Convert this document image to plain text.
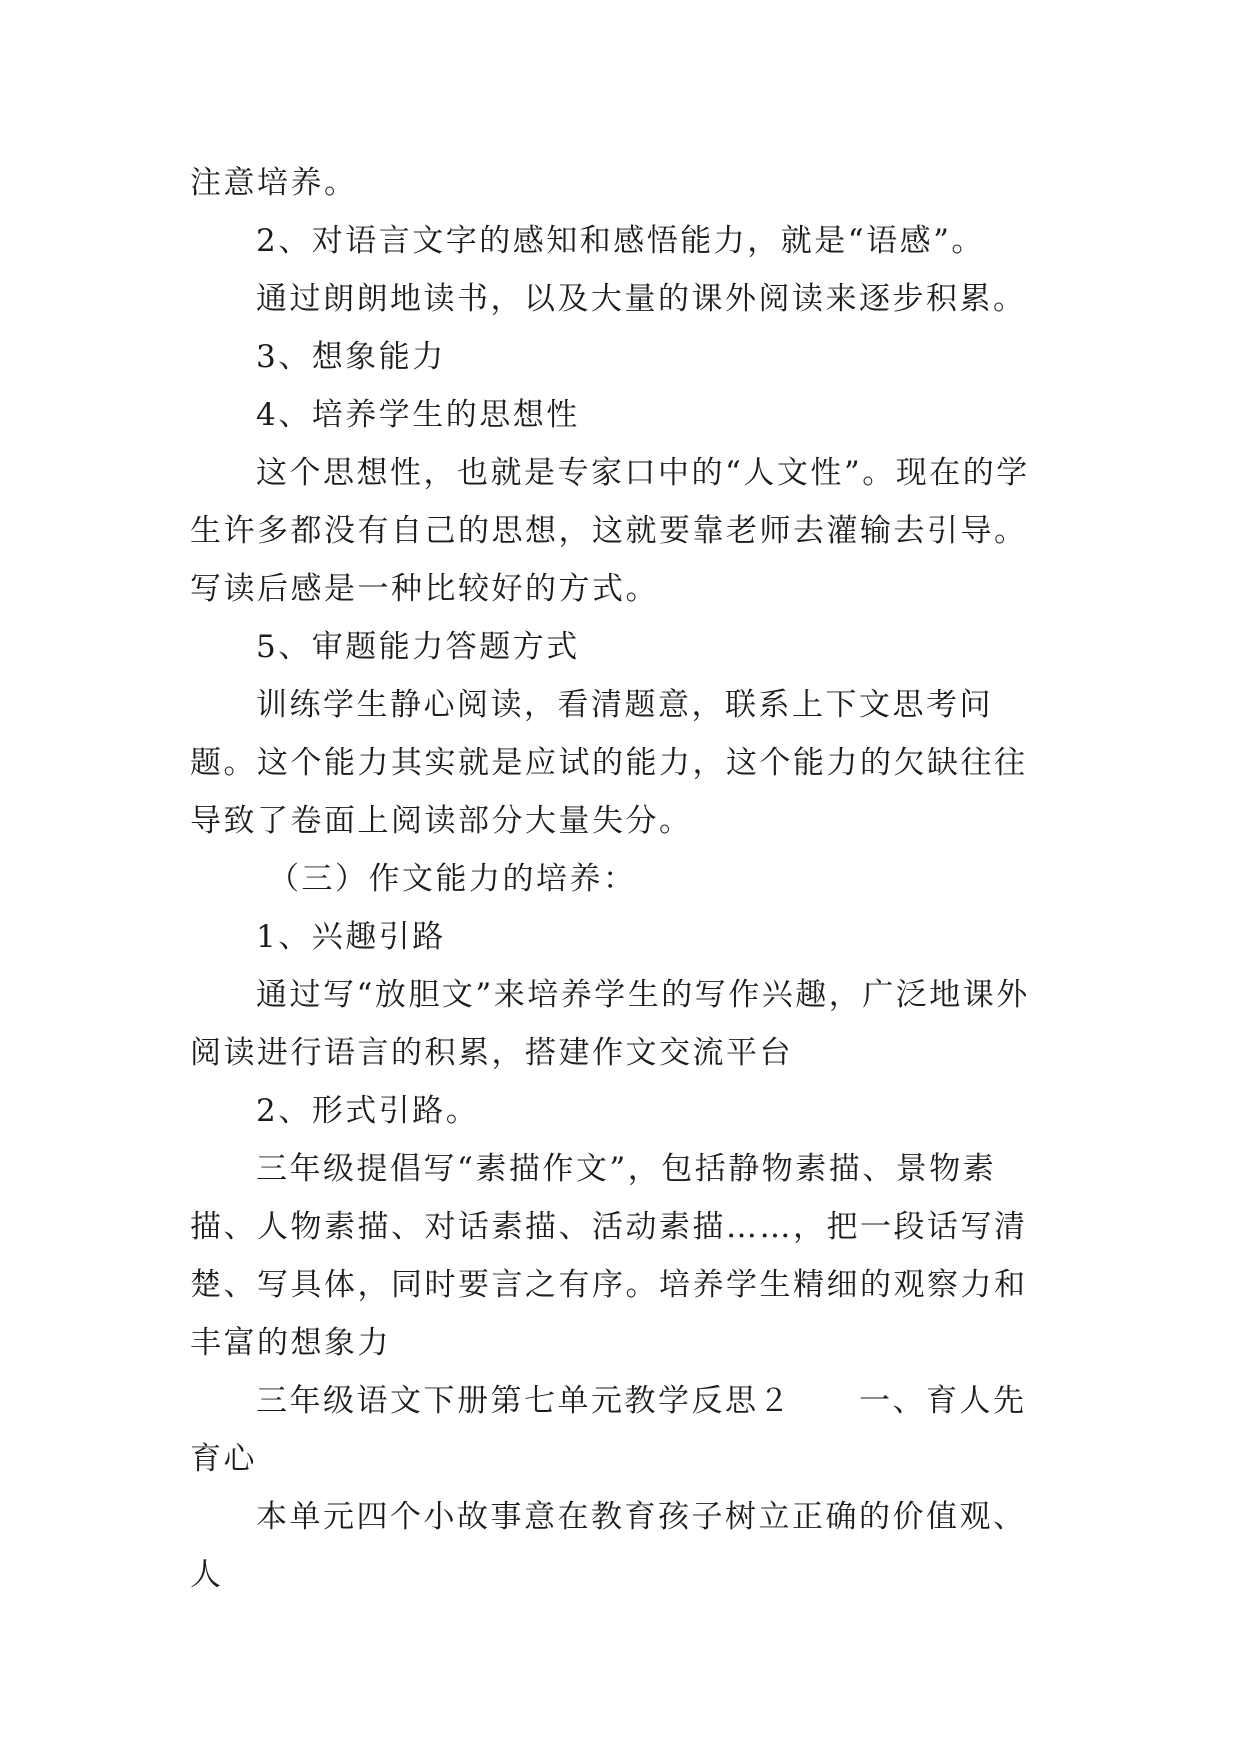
注意培养。

2、对语言文字的感知和感悟能力，就是“语感”。

通过朗朗地读书，以及大量的课外阅读来逐步积累。

3、想象能力

4、培养学生的思想性

这个思想性，也就是专家口中的“人文性”。现在的学生许多都没有自己的思想，这就要靠老师去灌输去引导。写读后感是一种比较好的方式。

5、审题能力答题方式

训练学生静心阅读，看清题意，联系上下文思考问题。这个能力其实就是应试的能力，这个能力的欠缺往往导致了卷面上阅读部分大量失分。

（三）作文能力的培养：

1、兴趣引路

通过写“放胆文”来培养学生的写作兴趣，广泛地课外阅读进行语言的积累，搭建作文交流平台

2、形式引路。

三年级提倡写“素描作文”，包括静物素描、景物素描、人物素描、对话素描、活动素描……，把一段话写清楚、写具体，同时要言之有序。培养学生精细的观察力和丰富的想象力

三年级语文下册第七单元教学反思２　　一、育人先育心

本单元四个小故事意在教育孩子树立正确的价值观、人
